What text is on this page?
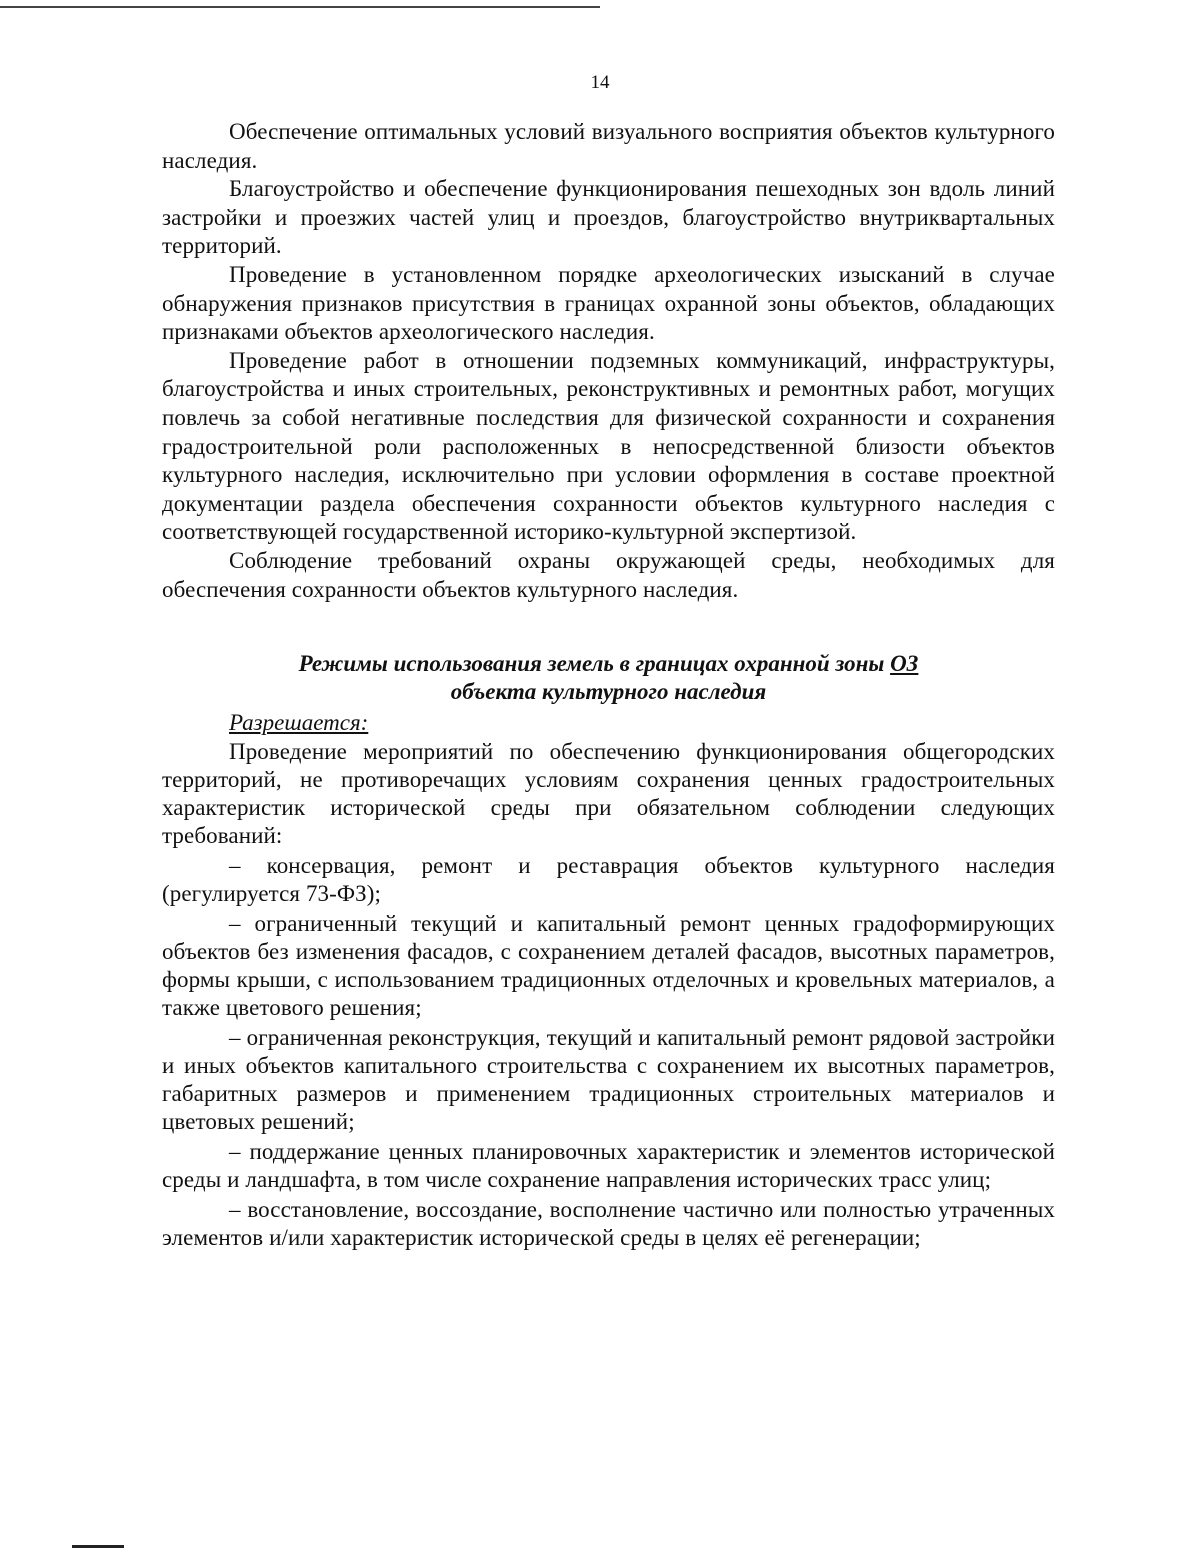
14

Обеспечение оптимальных условий визуального восприятия объектов культурного наследия.

Благоустройство и обеспечение функционирования пешеходных зон вдоль линий застройки и проезжих частей улиц и проездов, благоустройство внутриквартальных территорий.

Проведение в установленном порядке археологических изысканий в случае обнаружения признаков присутствия в границах охранной зоны объектов, обладающих признаками объектов археологического наследия.

Проведение работ в отношении подземных коммуникаций, инфраструктуры, благоустройства и иных строительных, реконструктивных и ремонтных работ, могущих повлечь за собой негативные последствия для физической сохранности и сохранения градостроительной роли расположенных в непосредственной близости объектов культурного наследия, исключительно при условии оформления в составе проектной документации раздела обеспечения сохранности объектов культурного наследия с соответствующей государственной историко-культурной экспертизой.

Соблюдение требований охраны окружающей среды, необходимых для обеспечения сохранности объектов культурного наследия.

Режимы использования земель в границах охранной зоны ОЗ
объекта культурного наследия
Разрешается:

Проведение мероприятий по обеспечению функционирования общегородских территорий, не противоречащих условиям сохранения ценных градостроительных характеристик исторической среды при обязательном соблюдении следующих требований:

– консервация, ремонт и реставрация объектов культурного наследия (регулируется 73-ФЗ);

– ограниченный текущий и капитальный ремонт ценных градоформирующих объектов без изменения фасадов, с сохранением деталей фасадов, высотных параметров, формы крыши, с использованием традиционных отделочных и кровельных материалов, а также цветового решения;

– ограниченная реконструкция, текущий и капитальный ремонт рядовой застройки и иных объектов капитального строительства с сохранением их высотных параметров, габаритных размеров и применением традиционных строительных материалов и цветовых решений;

– поддержание ценных планировочных характеристик и элементов исторической среды и ландшафта, в том числе сохранение направления исторических трасс улиц;

– восстановление, воссоздание, восполнение частично или полностью утраченных элементов и/или характеристик исторической среды в целях её регенерации;
